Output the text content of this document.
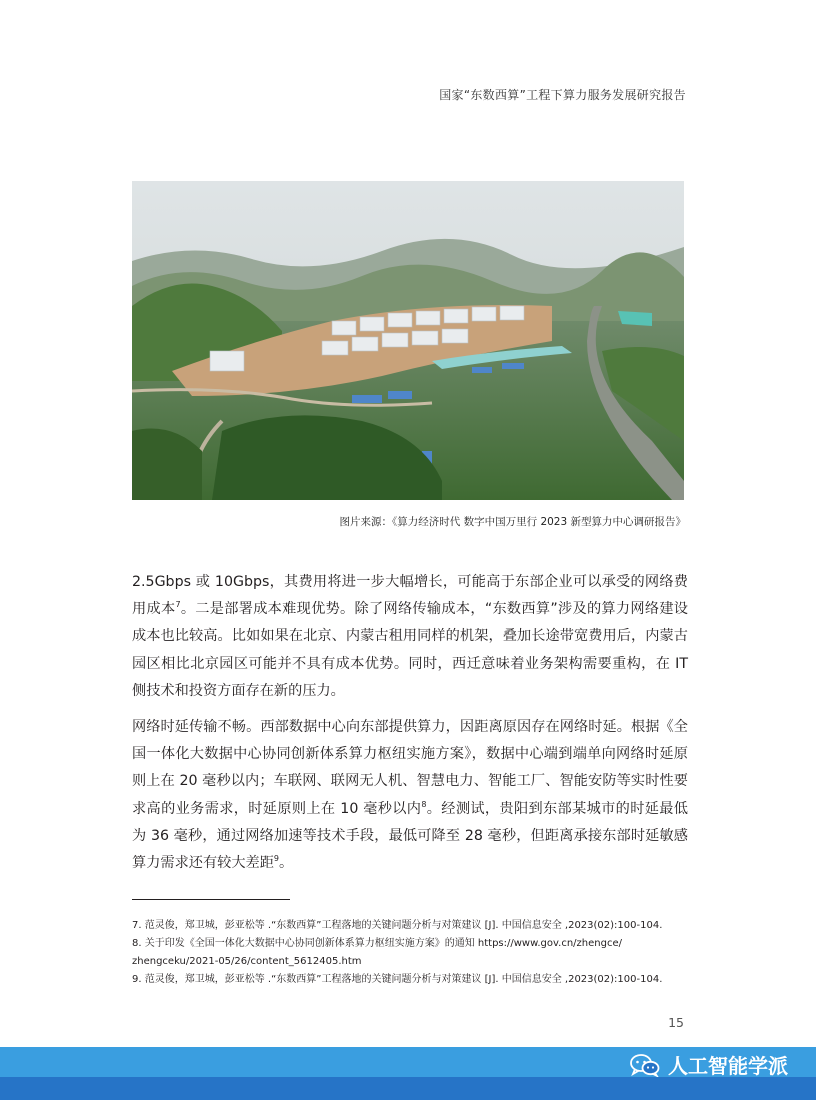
国家“东数西算”工程下算力服务发展研究报告
图片来源：《算力经济时代 数字中国万里行 2023 新型算力中心调研报告》

2.5Gbps 或 10Gbps，其费用将进一步大幅增长，可能高于东部企业可以承受的网络费用成本$^7$。二是部署成本难现优势。除了网络传输成本，“东数西算”涉及的算力网络建设成本也比较高。比如如果在北京、内蒙古租用同样的机架，叠加长途带宽费用后，内蒙古园区相比北京园区可能并不具有成本优势。同时，西迁意味着业务架构需要重构，在 IT 侧技术和投资方面存在新的压力。

网络时延传输不畅。西部数据中心向东部提供算力，因距离原因存在网络时延。根据《全国一体化大数据中心协同创新体系算力枢纽实施方案》，数据中心端到端单向网络时延原则上在 20 毫秒以内；车联网、联网无人机、智慧电力、智能工厂、智能安防等实时性要求高的业务需求，时延原则上在 10 毫秒以内$^8$。经测试，贵阳到东部某城市的时延最低为 36 毫秒，通过网络加速等技术手段，最低可降至 28 毫秒，但距离承接东部时延敏感算力需求还有较大差距$^9$。

7. 范灵俊，郑卫城，彭亚松等 .“东数西算”工程落地的关键问题分析与对策建议 [J]. 中国信息安全 ,2023(02):100-104.
8. 关于印发《全国一体化大数据中心协同创新体系算力枢纽实施方案》的通知 https://www.gov.cn/zhengce/
zhengceku/2021-05/26/content_5612405.htm
9. 范灵俊，郑卫城，彭亚松等 .“东数西算”工程落地的关键问题分析与对策建议 [J]. 中国信息安全 ,2023(02):100-104.
15
人工智能学派
